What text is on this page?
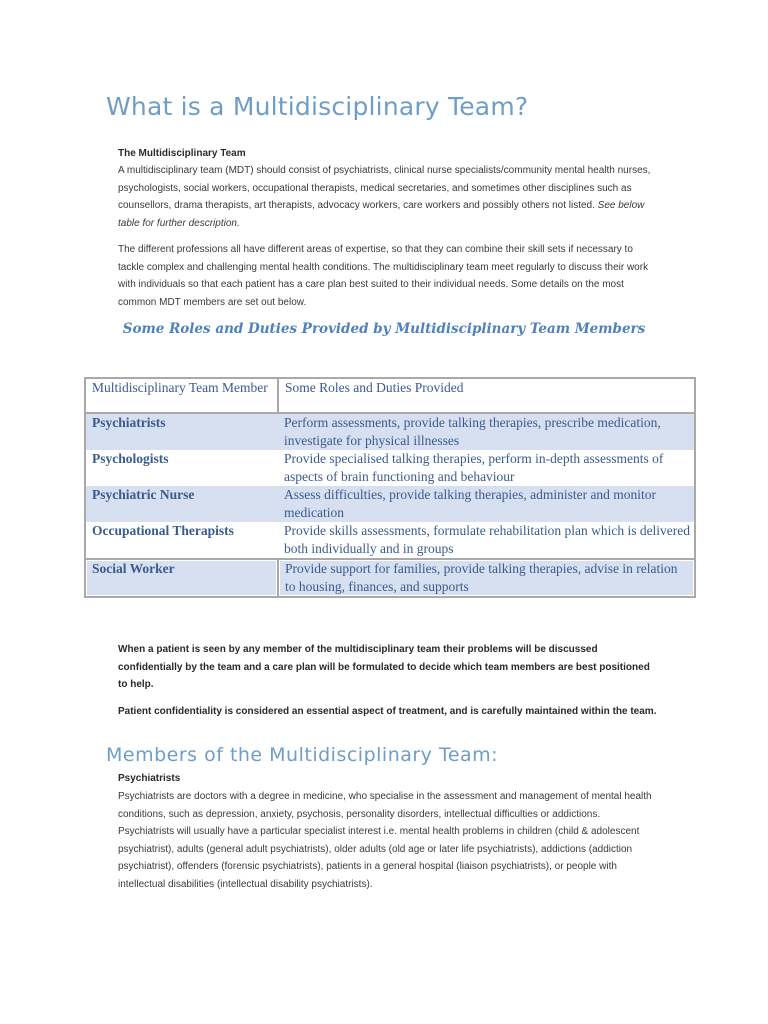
What is a Multidisciplinary Team?
The Multidisciplinary Team

A multidisciplinary team (MDT) should consist of psychiatrists, clinical nurse specialists/community mental health nurses, psychologists, social workers, occupational therapists, medical secretaries, and sometimes other disciplines such as counsellors, drama therapists, art therapists, advocacy workers, care workers and possibly others not listed. See below table for further description.

The different professions all have different areas of expertise, so that they can combine their skill sets if necessary to tackle complex and challenging mental health conditions. The multidisciplinary team meet regularly to discuss their work with individuals so that each patient has a care plan best suited to their individual needs. Some details on the most common MDT members are set out below.

Some Roles and Duties Provided by Multidisciplinary Team Members
Multidisciplinary Team Member	Some Roles and Duties Provided
Psychiatrists	Perform assessments, provide talking therapies, prescribe medication, investigate for physical illnesses
Psychologists	Provide specialised talking therapies, perform in-depth assessments of aspects of brain functioning and behaviour
Psychiatric Nurse	Assess difficulties, provide talking therapies, administer and monitor medication
Occupational Therapists	Provide skills assessments, formulate rehabilitation plan which is delivered both individually and in groups
Social Worker	Provide support for families, provide talking therapies, advise in relation to housing, finances, and supports

When a patient is seen by any member of the multidisciplinary team their problems will be discussed confidentially by the team and a care plan will be formulated to decide which team members are best positioned to help.

Patient confidentiality is considered an essential aspect of treatment, and is carefully maintained within the team.

Members of the Multidisciplinary Team:
Psychiatrists

Psychiatrists are doctors with a degree in medicine, who specialise in the assessment and management of mental health conditions, such as depression, anxiety, psychosis, personality disorders, intellectual difficulties or addictions. Psychiatrists will usually have a particular specialist interest i.e. mental health problems in children (child & adolescent psychiatrist), adults (general adult psychiatrists), older adults (old age or later life psychiatrists), addictions (addiction psychiatrist), offenders (forensic psychiatrists), patients in a general hospital (liaison psychiatrists), or people with intellectual disabilities (intellectual disability psychiatrists).
